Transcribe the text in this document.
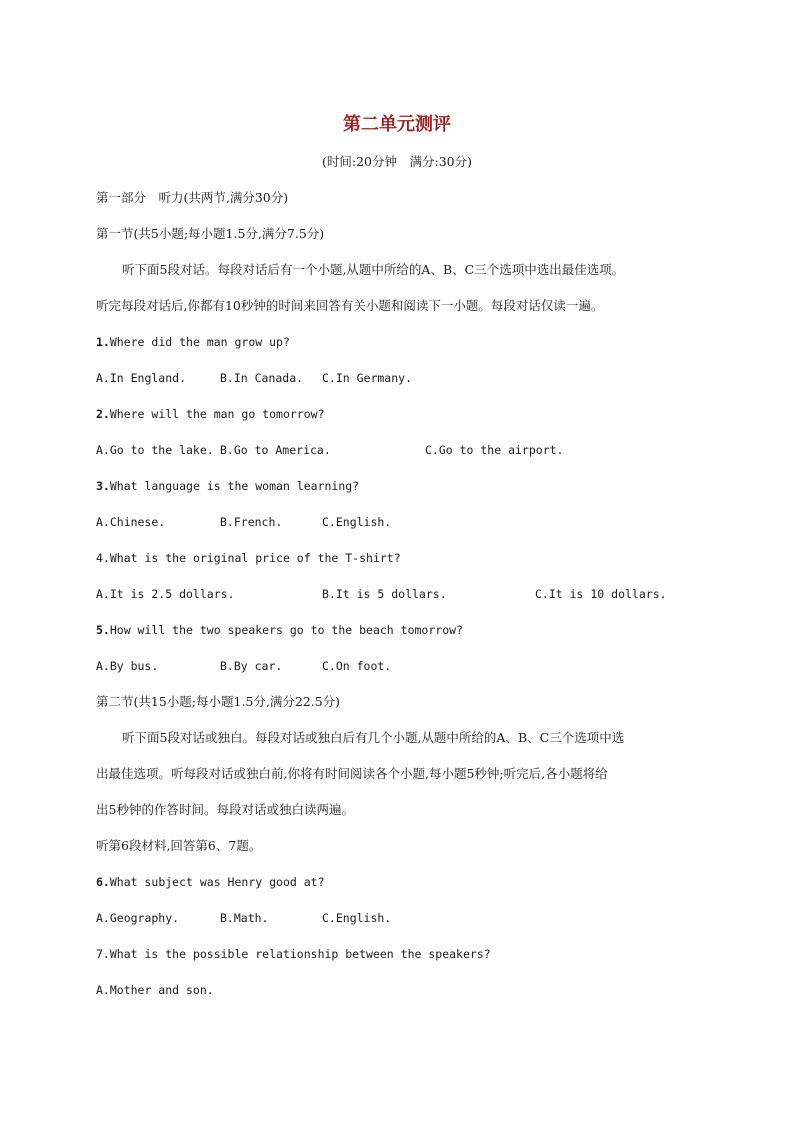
第二单元测评
(时间:20分钟　满分:30分)
第一部分　听力(共两节,满分30分)
第一节(共5小题;每小题1.5分,满分7.5分)
听下面5段对话。每段对话后有一个小题,从题中所给的A、B、C三个选项中选出最佳选项。
听完每段对话后,你都有10秒钟的时间来回答有关小题和阅读下一小题。每段对话仅读一遍。
1.Where did the man grow up?
A.In England.	B.In Canada. C.In Germany.
2.Where will the man go tomorrow?
A.Go to the lake. B.Go to America.	C.Go to the airport.
3.What language is the woman learning?
A.Chinese.	B.French.	C.English.
4.What is the original price of the T-shirt?
A.It is 2.5 dollars.	B.It is 5 dollars.	C.It is 10 dollars.
5.How will the two speakers go to the beach tomorrow?
A.By bus.	B.By car.	C.On foot.
第二节(共15小题;每小题1.5分,满分22.5分)
听下面5段对话或独白。每段对话或独白后有几个小题,从题中所给的A、B、C三个选项中选
出最佳选项。听每段对话或独白前,你将有时间阅读各个小题,每小题5秒钟;听完后,各小题将给
出5秒钟的作答时间。每段对话或独白读两遍。
听第6段材料,回答第6、7题。
6.What subject was Henry good at?
A.Geography.	B.Math.	C.English.
7.What is the possible relationship between the speakers?
A.Mother and son.
